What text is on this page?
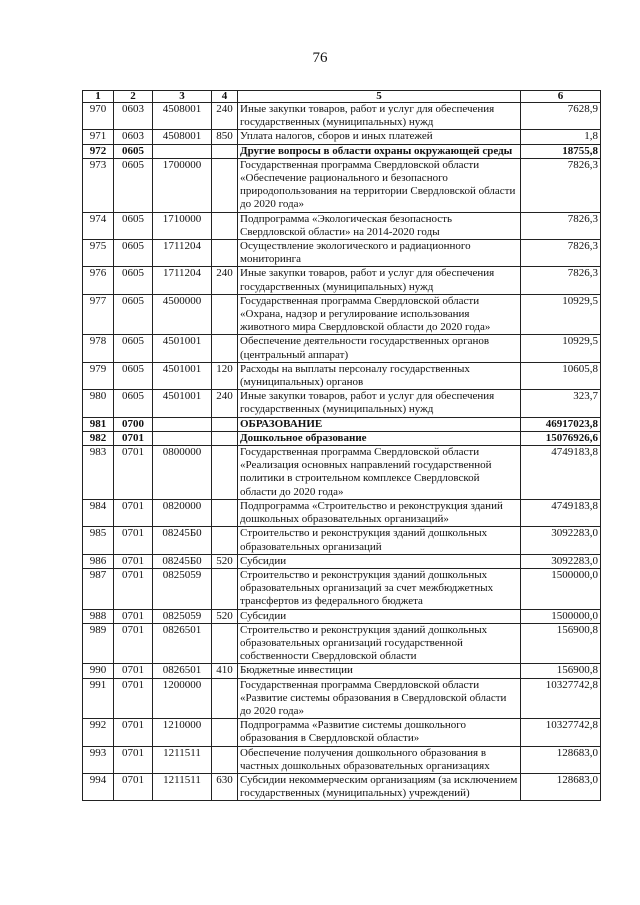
76
1	2	3	4	5	6
970	0603	4508001	240	Иные закупки товаров, работ и услуг для обеспечения государственных (муниципальных) нужд	7628,9
971	0603	4508001	850	Уплата налогов, сборов и иных платежей	1,8
972	0605			Другие вопросы в области охраны окружающей среды	18755,8
973	0605	1700000		Государственная программа Свердловской области «Обеспечение рационального и безопасного природопользования на территории Свердловской области до 2020 года»	7826,3
974	0605	1710000		Подпрограмма «Экологическая безопасность Свердловской области» на 2014-2020 годы	7826,3
975	0605	1711204		Осуществление экологического и радиационного мониторинга	7826,3
976	0605	1711204	240	Иные закупки товаров, работ и услуг для обеспечения государственных (муниципальных) нужд	7826,3
977	0605	4500000		Государственная программа Свердловской области «Охрана, надзор и регулирование использования животного мира Свердловской области до 2020 года»	10929,5
978	0605	4501001		Обеспечение деятельности государственных органов (центральный аппарат)	10929,5
979	0605	4501001	120	Расходы на выплаты персоналу государственных (муниципальных) органов	10605,8
980	0605	4501001	240	Иные закупки товаров, работ и услуг для обеспечения государственных (муниципальных) нужд	323,7
981	0700			ОБРАЗОВАНИЕ	46917023,8
982	0701			Дошкольное образование	15076926,6
983	0701	0800000		Государственная программа Свердловской области «Реализация основных направлений государственной политики в строительном комплексе Свердловской области до 2020 года»	4749183,8
984	0701	0820000		Подпрограмма «Строительство и реконструкция зданий дошкольных образовательных организаций»	4749183,8
985	0701	08245Б0		Строительство и реконструкция зданий дошкольных образовательных организаций	3092283,0
986	0701	08245Б0	520	Субсидии	3092283,0
987	0701	0825059		Строительство и реконструкция зданий дошкольных образовательных организаций за счет межбюджетных трансфертов из федерального бюджета	1500000,0
988	0701	0825059	520	Субсидии	1500000,0
989	0701	0826501		Строительство и реконструкция зданий дошкольных образовательных организаций государственной собственности Свердловской области	156900,8
990	0701	0826501	410	Бюджетные инвестиции	156900,8
991	0701	1200000		Государственная программа Свердловской области «Развитие системы образования в Свердловской области до 2020 года»	10327742,8
992	0701	1210000		Подпрограмма «Развитие системы дошкольного образования в Свердловской области»	10327742,8
993	0701	1211511		Обеспечение получения дошкольного образования в частных дошкольных образовательных организациях	128683,0
994	0701	1211511	630	Субсидии некоммерческим организациям (за исключением государственных (муниципальных) учреждений)	128683,0
